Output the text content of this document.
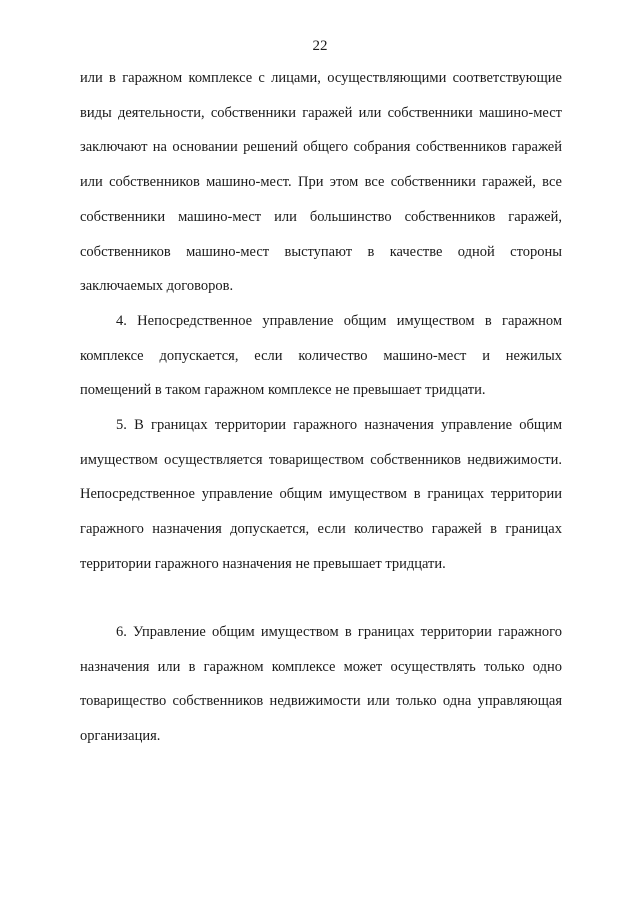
22

или в гаражном комплексе с лицами, осуществляющими соответствующие виды деятельности, собственники гаражей или собственники машино-мест заключают на основании решений общего собрания собственников гаражей или собственников машино-мест. При этом все собственники гаражей, все собственники машино-мест или большинство собственников гаражей, собственников машино-мест выступают в качестве одной стороны заключаемых договоров.

4. Непосредственное управление общим имуществом в гаражном комплексе допускается, если количество машино-мест и нежилых помещений в таком гаражном комплексе не превышает тридцати.

5. В границах территории гаражного назначения управление общим имуществом осуществляется товариществом собственников недвижимости. Непосредственное управление общим имуществом в границах территории гаражного назначения допускается, если количество гаражей в границах территории гаражного назначения не превышает тридцати.

6. Управление общим имуществом в границах территории гаражного назначения или в гаражном комплексе может осуществлять только одно товарищество собственников недвижимости или только одна управляющая организация.
